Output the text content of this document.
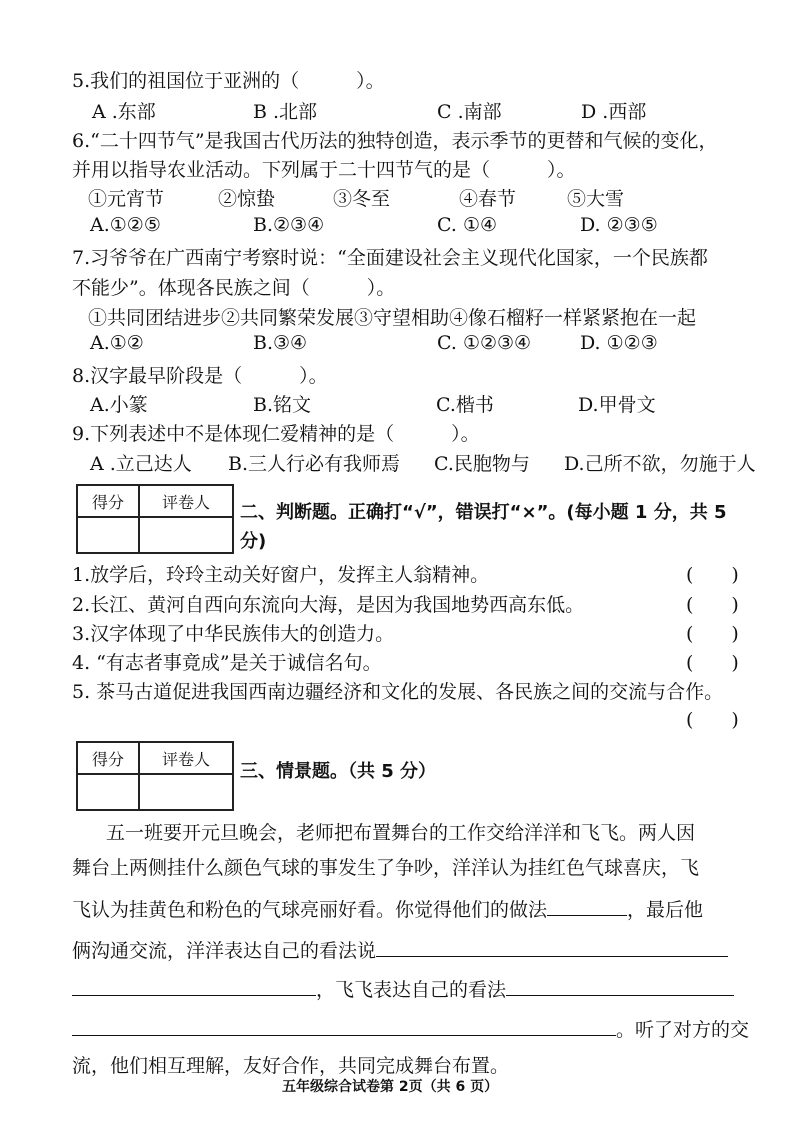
5.我们的祖国位于亚洲的（　　　）。
A .东部	B .北部	C .南部	D .西部
6.“二十四节气”是我国古代历法的独特创造，表示季节的更替和气候的变化，
并用以指导农业活动。下列属于二十四节气的是（　　　）。
①元宵节	②惊蛰	③冬至	④春节	⑤大雪
A.①②⑤	B.②③④	C. ①④	D. ②③⑤
7.习爷爷在广西南宁考察时说：“全面建设社会主义现代化国家，一个民族都
不能少”。体现各民族之间（　　　）。
①共同团结进步②共同繁荣发展③守望相助④像石榴籽一样紧紧抱在一起
A.①②	B.③④	C. ①②③④	D. ①②③
8.汉字最早阶段是（　　　）。
A.小篆	B.铭文	C.楷书	D.甲骨文
9.下列表述中不是体现仁爱精神的是（　　　）。
A .立己达人 B.三人行必有我师焉 C.民胞物与 D.己所不欲，勿施于人
得分	评卷人
	二、判断题。正确打“√”，错误打“×”。(每小题 1 分，共 5
分)
1.放学后，玲玲主动关好窗户，发挥主人翁精神。	(　　)
2.长江、黄河自西向东流向大海，是因为我国地势西高东低。	(　　)
3.汉字体现了中华民族伟大的创造力。	(　　)
4. “有志者事竟成”是关于诚信名句。	(　　)
5. 茶马古道促进我国西南边疆经济和文化的发展、各民族之间的交流与合作。
(　　)
得分	评卷人

三、情景题。（共 5 分）
五一班要开元旦晚会，老师把布置舞台的工作交给洋洋和飞飞。两人因
舞台上两侧挂什么颜色气球的事发生了争吵，洋洋认为挂红色气球喜庆，飞
飞认为挂黄色和粉色的气球亮丽好看。你觉得他们的做法	，最后他
俩沟通交流，洋洋表达自己的看法说
，飞飞表达自己的看法
。听了对方的交
流，他们相互理解，友好合作，共同完成舞台布置。
五年级综合试卷第 2页（共 6 页）
